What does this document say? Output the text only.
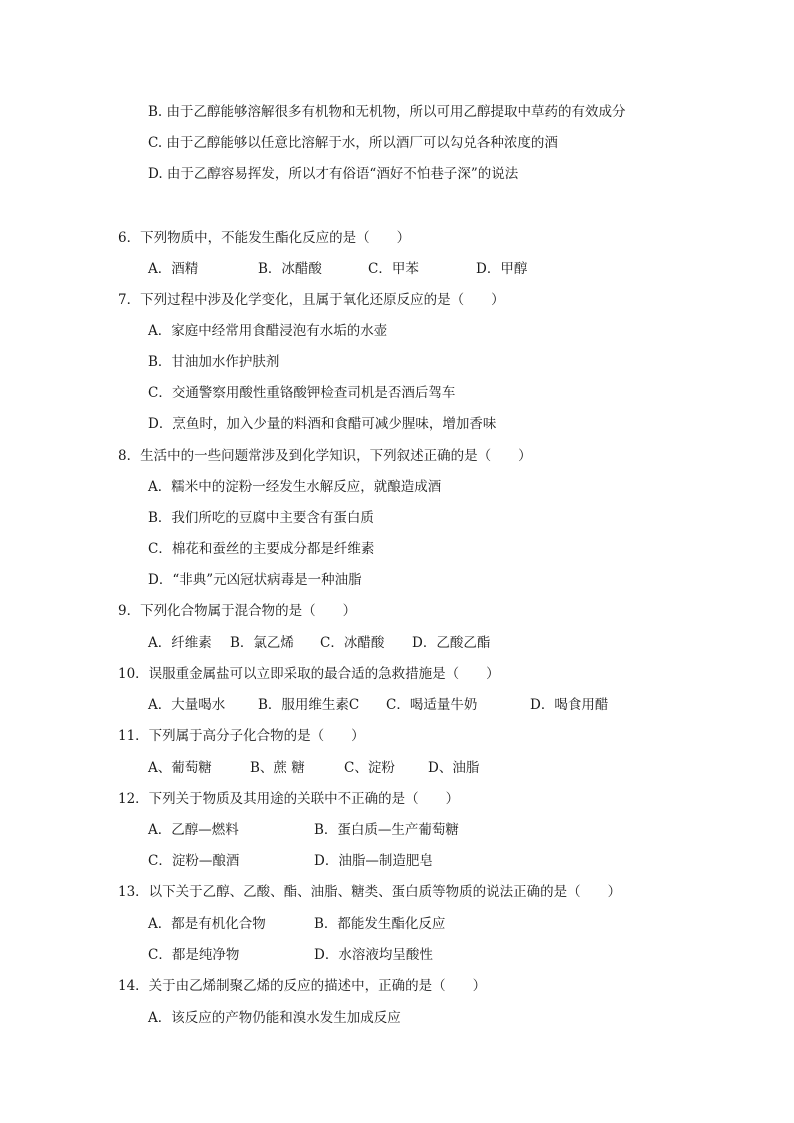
B. 由于乙醇能够溶解很多有机物和无机物，所以可用乙醇提取中草药的有效成分
C. 由于乙醇能够以任意比溶解于水，所以酒厂可以勾兑各种浓度的酒
D. 由于乙醇容易挥发，所以才有俗语“酒好不怕巷子深”的说法
6．下列物质中，不能发生酯化反应的是（　　）
A．酒精	B．冰醋酸	C．甲苯	D．甲醇
7．下列过程中涉及化学变化，且属于氧化还原反应的是（　　）
A．家庭中经常用食醋浸泡有水垢的水壶
B．甘油加水作护肤剂
C．交通警察用酸性重铬酸钾检查司机是否酒后驾车
D．烹鱼时，加入少量的料酒和食醋可减少腥味，增加香味
8．生活中的一些问题常涉及到化学知识，下列叙述正确的是（　　）
A．糯米中的淀粉一经发生水解反应，就酿造成酒
B．我们所吃的豆腐中主要含有蛋白质
C．棉花和蚕丝的主要成分都是纤维素
D．“非典”元凶冠状病毒是一种油脂
9．下列化合物属于混合物的是（　　）
A．纤维素 B．氯乙烯 C．冰醋酸 D．乙酸乙酯
10．误服重金属盐可以立即采取的最合适的急救措施是（　　）
A．大量喝水 B．服用维生素C C．喝适量牛奶	D．喝食用醋
11．下列属于高分子化合物的是（　　）
A、葡萄糖	B、蔗 糖	C、淀粉 D、油脂
12．下列关于物质及其用途的关联中不正确的是（　　）
A．乙醇—燃料	B．蛋白质—生产葡萄糖
C．淀粉—酿酒	D．油脂—制造肥皂
13．以下关于乙醇、乙酸、酯、油脂、糖类、蛋白质等物质的说法正确的是（　　）
A．都是有机化合物	B．都能发生酯化反应
C．都是纯净物	D．水溶液均呈酸性
14．关于由乙烯制聚乙烯的反应的描述中，正确的是（　　）
A．该反应的产物仍能和溴水发生加成反应
